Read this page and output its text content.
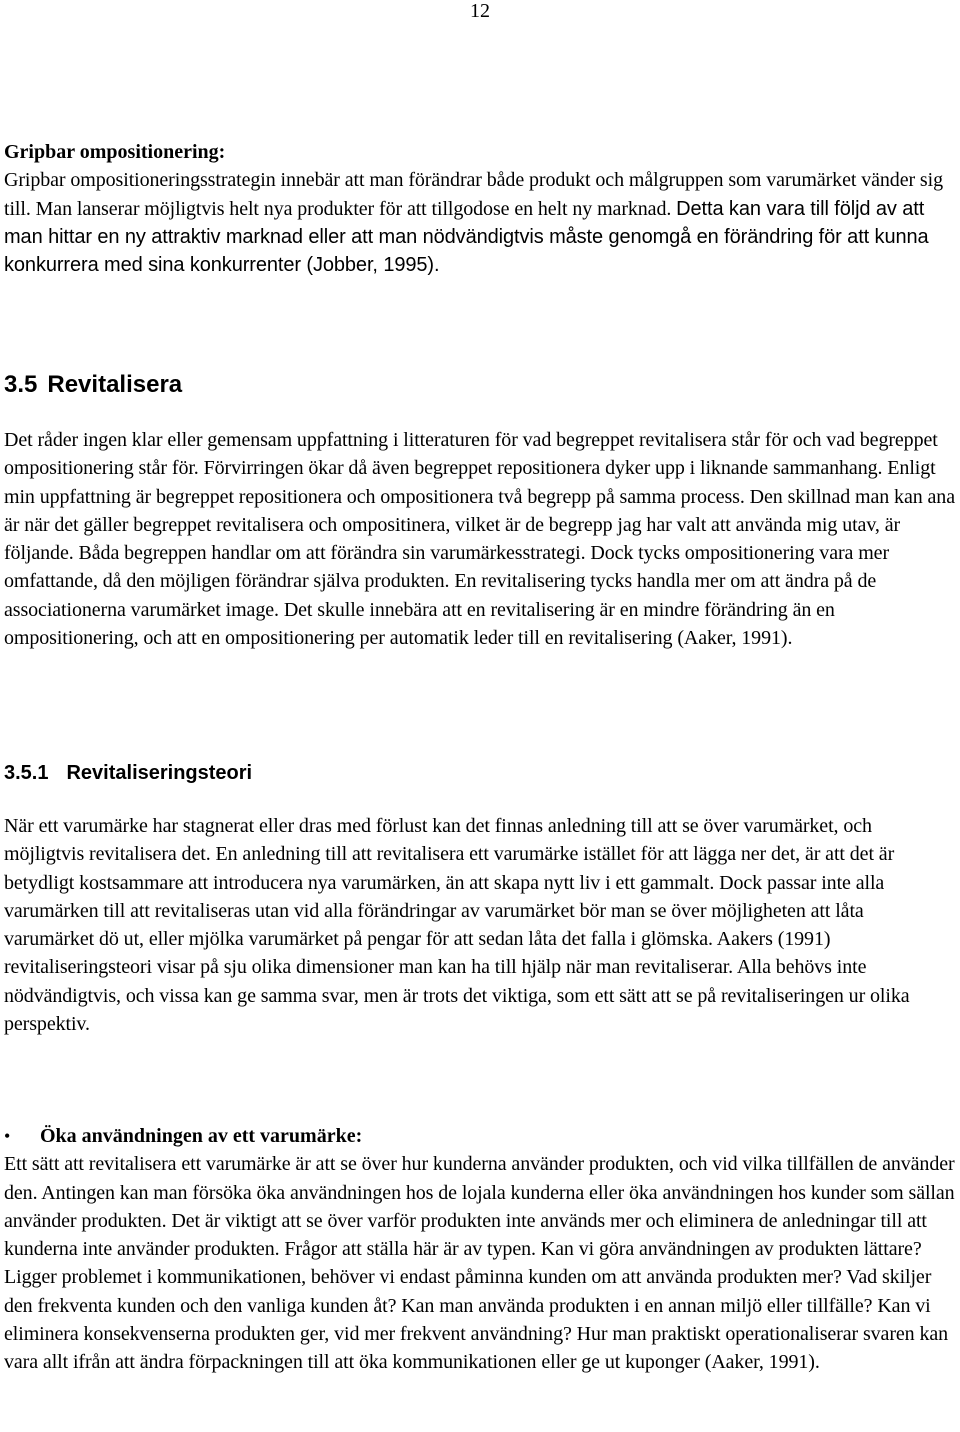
12

Gripbar ompositionering:

Gripbar ompositioneringsstrategin innebär att man förändrar både produkt och målgruppen som varumärket vänder sig till. Man lanserar möjligtvis helt nya produkter för att tillgodose en helt ny marknad. Detta kan vara till följd av att man hittar en ny attraktiv marknad eller att man nödvändigtvis måste genomgå en förändring för att kunna konkurrera med sina konkurrenter (Jobber, 1995).

3.5 Revitalisera

Det råder ingen klar eller gemensam uppfattning i litteraturen för vad begreppet revitalisera står för och vad begreppet ompositionering står för. Förvirringen ökar då även begreppet repositionera dyker upp i liknande sammanhang. Enligt min uppfattning är begreppet repositionera och ompositionera två begrepp på samma process. Den skillnad man kan ana är när det gäller begreppet revitalisera och ompositinera, vilket är de begrepp jag har valt att använda mig utav, är följande. Båda begreppen handlar om att förändra sin varumärkesstrategi. Dock tycks ompositionering vara mer omfattande, då den möjligen förändrar själva produkten. En revitalisering tycks handla mer om att ändra på de associationerna varumärket image. Det skulle innebära att en revitalisering är en mindre förändring än en ompositionering, och att en ompositionering per automatik leder till en revitalisering (Aaker, 1991).

3.5.1 Revitaliseringsteori

När ett varumärke har stagnerat eller dras med förlust kan det finnas anledning till att se över varumärket, och möjligtvis revitalisera det. En anledning till att revitalisera ett varumärke istället för att lägga ner det, är att det är betydligt kostsammare att introducera nya varumärken, än att skapa nytt liv i ett gammalt. Dock passar inte alla varumärken till att revitaliseras utan vid alla förändringar av varumärket bör man se över möjligheten att låta varumärket dö ut, eller mjölka varumärket på pengar för att sedan låta det falla i glömska. Aakers (1991) revitaliseringsteori visar på sju olika dimensioner man kan ha till hjälp när man revitaliserar. Alla behövs inte nödvändigtvis, och vissa kan ge samma svar, men är trots det viktiga, som ett sätt att se på revitaliseringen ur olika perspektiv.

•	Öka användningen av ett varumärke:

Ett sätt att revitalisera ett varumärke är att se över hur kunderna använder produkten, och vid vilka tillfällen de använder den. Antingen kan man försöka öka användningen hos de lojala kunderna eller öka användningen hos kunder som sällan använder produkten. Det är viktigt att se över varför produkten inte används mer och eliminera de anledningar till att kunderna inte använder produkten. Frågor att ställa här är av typen. Kan vi göra användningen av produkten lättare? Ligger problemet i kommunikationen, behöver vi endast påminna kunden om att använda produkten mer? Vad skiljer den frekventa kunden och den vanliga kunden åt? Kan man använda produkten i en annan miljö eller tillfälle? Kan vi eliminera konsekvenserna produkten ger, vid mer frekvent användning? Hur man praktiskt operationaliserar svaren kan vara allt ifrån att ändra förpackningen till att öka kommunikationen eller ge ut kuponger (Aaker, 1991).
